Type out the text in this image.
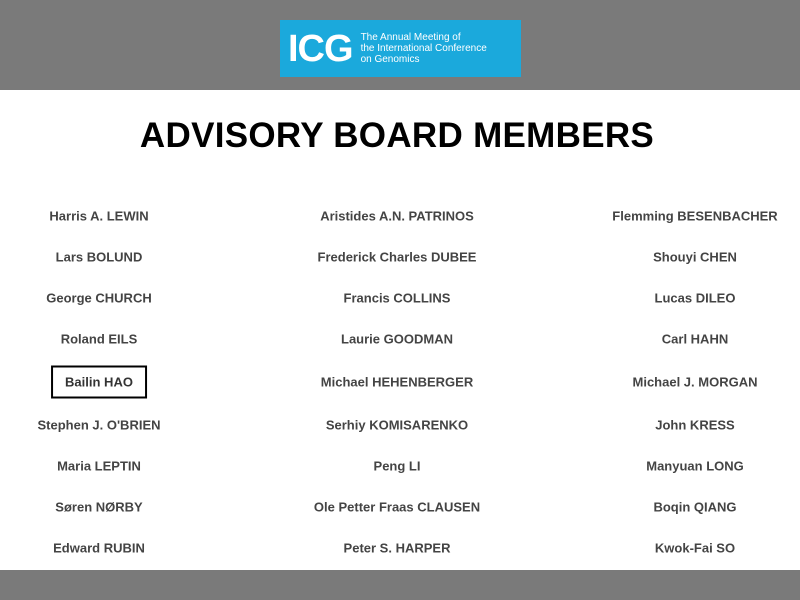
ICG The Annual Meeting of
the International Conference
on Genomics
ADVISORY BOARD MEMBERS
Harris A. LEWIN
Lars BOLUND
George CHURCH
Roland EILS
Bailin HAO
Stephen J. O'BRIEN
Maria LEPTIN
Søren NØRBY
Edward RUBIN
Aristides A.N. PATRINOS
Frederick Charles DUBEE
Francis COLLINS
Laurie GOODMAN
Michael HEHENBERGER
Serhiy KOMISARENKO
Peng LI
Ole Petter Fraas CLAUSEN
Peter S. HARPER
Flemming BESENBACHER
Shouyi CHEN
Lucas DILEO
Carl HAHN
Michael J. MORGAN
John KRESS
Manyuan LONG
Boqin QIANG
Kwok-Fai SO
